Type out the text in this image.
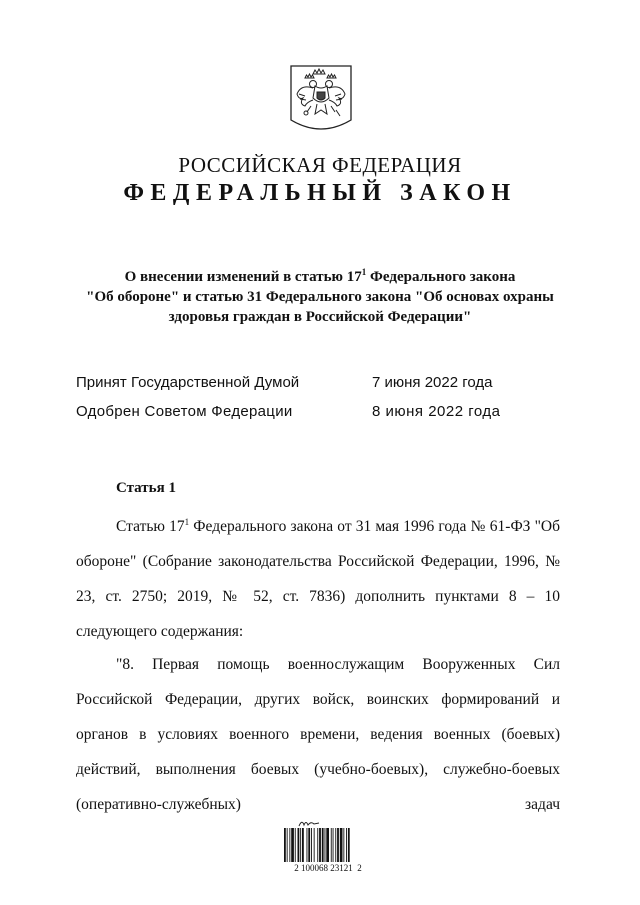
РОССИЙСКАЯ ФЕДЕРАЦИЯ
ФЕДЕРАЛЬНЫЙ ЗАКОН
О внесении изменений в статью $17^1$ Федерального закона
"Об обороне" и статью 31 Федерального закона "Об основах охраны
здоровья граждан в Российской Федерации"
Принят Государственной Думой	7 июня 2022 года
Одобрен Советом Федерации	8 июня 2022 года
Статья 1

Статью $17^1$ Федерального закона от 31 мая 1996 года № 61-ФЗ "Об обороне" (Собрание законодательства Российской Федерации, 1996, № 23, ст. 2750; 2019, № 52, ст. 7836) дополнить пунктами 8 – 10 следующего содержания:

"8. Первая помощь военнослужащим Вооруженных Сил Российской Федерации, других войск, воинских формирований и органов в условиях военного времени, ведения военных (боевых) действий, выполнения боевых (учебно-боевых), служебно-боевых (оперативно-служебных) задач

2 100068 23121  2
